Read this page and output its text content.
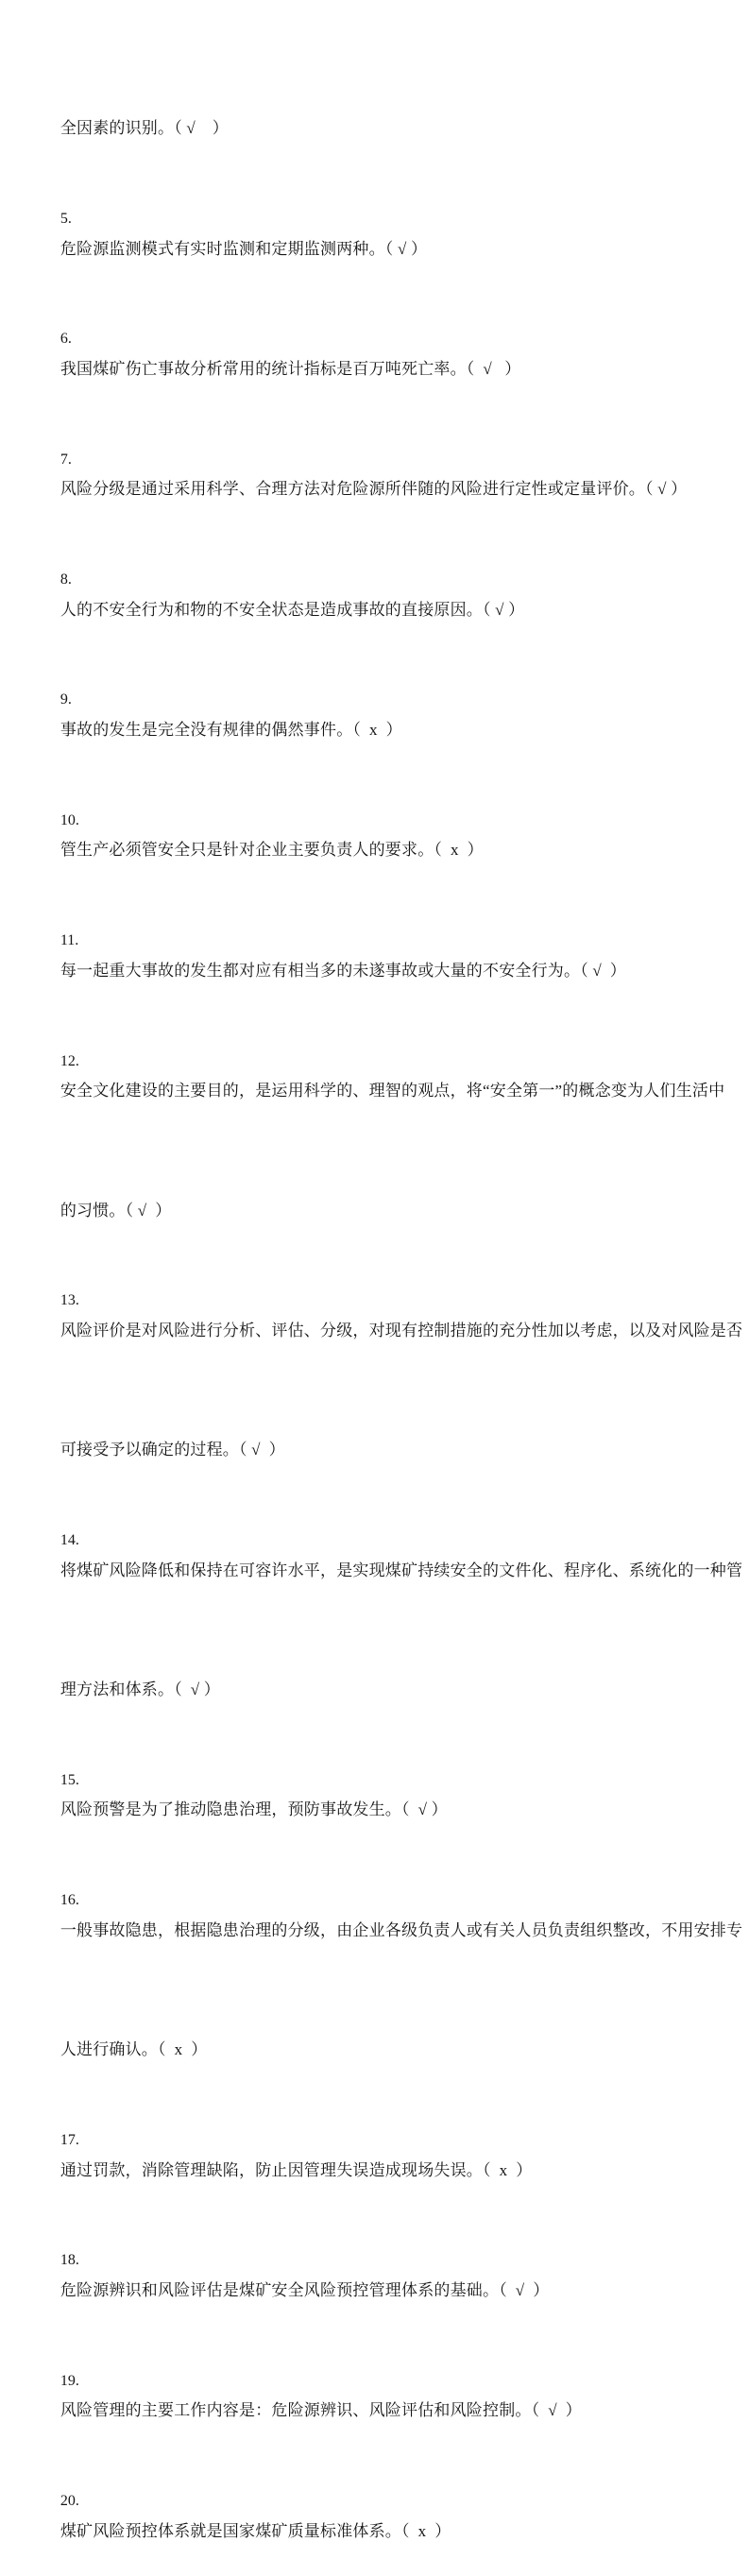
全因素的识别。（ √    ）

5.
危险源监测模式有实时监测和定期监测两种。（ √ ）

6.
我国煤矿伤亡事故分析常用的统计指标是百万吨死亡率。（  √   ）

7.
风险分级是通过采用科学、合理方法对危险源所伴随的风险进行定性或定量评价。（ √ ）

8.
人的不安全行为和物的不安全状态是造成事故的直接原因。（ √ ）

9.
事故的发生是完全没有规律的偶然事件。（  x  ）

10.
管生产必须管安全只是针对企业主要负责人的要求。（  x  ）

11.
每一起重大事故的发生都对应有相当多的未遂事故或大量的不安全行为。（ √  ）

12.
安全文化建设的主要目的，是运用科学的、理智的观点，将“安全第一”的概念变为人们生活中

的习惯。（ √  ）

13.
风险评价是对风险进行分析、评估、分级，对现有控制措施的充分性加以考虑，以及对风险是否

可接受予以确定的过程。（ √  ）

14.
将煤矿风险降低和保持在可容许水平，是实现煤矿持续安全的文件化、程序化、系统化的一种管

理方法和体系。（  √ ）

15.
风险预警是为了推动隐患治理，预防事故发生。（  √ ）

16.
一般事故隐患，根据隐患治理的分级，由企业各级负责人或有关人员负责组织整改，不用安排专

人进行确认。（  x  ）

17.
通过罚款，消除管理缺陷，防止因管理失误造成现场失误。（  x  ）

18.
危险源辨识和风险评估是煤矿安全风险预控管理体系的基础。（  √  ）

19.
风险管理的主要工作内容是：危险源辨识、风险评估和风险控制。（  √  ）

20.
煤矿风险预控体系就是国家煤矿质量标准体系。（  x  ）
